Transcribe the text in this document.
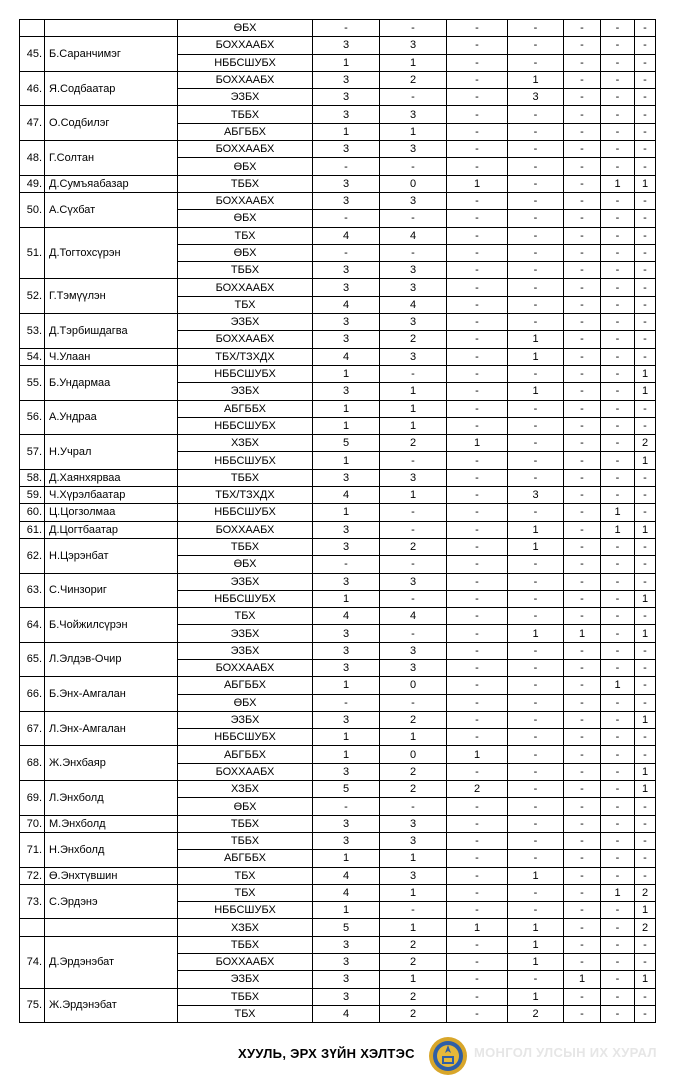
		ӨБХ	-	-	-	-	-	-	-
45.	Б.Саранчимэг	БОХХААБХ	3	3	-	-	-	-	-
		НББСШУБХ	1	1	-	-	-	-	-
46.	Я.Содбаатар	БОХХААБХ	3	2	-	1	-	-	-
		ЭЗБХ	3	-	-	3	-	-	-
47.	О.Содбилэг	ТББХ	3	3	-	-	-	-	-
		АБГББХ	1	1	-	-	-	-	-
48.	Г.Солтан	БОХХААБХ	3	3	-	-	-	-	-
		ӨБХ	-	-	-	-	-	-	-
49.	Д.Сумъяабазар	ТББХ	3	0	1	-	-	1	1
50.	А.Сүхбат	БОХХААБХ	3	3	-	-	-	-	-
		ӨБХ	-	-	-	-	-	-	-
51.	Д.Тогтохсүрэн	ТБХ	4	4	-	-	-	-	-
		ӨБХ	-	-	-	-	-	-	-
		ТББХ	3	3	-	-	-	-	-
52.	Г.Тэмүүлэн	БОХХААБХ	3	3	-	-	-	-	-
		ТБХ	4	4	-	-	-	-	-
53.	Д.Тэрбишдагва	ЭЗБХ	3	3	-	-	-	-	-
		БОХХААБХ	3	2	-	1	-	-	-
54.	Ч.Улаан	ТБХ/ТЗХДХ	4	3	-	1	-	-	-
55.	Б.Ундармаа	НББСШУБХ	1	-	-	-	-	-	1
		ЭЗБХ	3	1	-	1	-	-	1
56.	А.Ундраа	АБГББХ	1	1	-	-	-	-	-
		НББСШУБХ	1	1	-	-	-	-	-
57.	Н.Учрал	ХЗБХ	5	2	1	-	-	-	2
		НББСШУБХ	1	-	-	-	-	-	1
58.	Д.Хаянхярваа	ТББХ	3	3	-	-	-	-	-
59.	Ч.Хүрэлбаатар	ТБХ/ТЗХДХ	4	1	-	3	-	-	-
60.	Ц.Цогзолмаа	НББСШУБХ	1	-	-	-	-	1	-
61.	Д.Цогтбаатар	БОХХААБХ	3	-	-	1	-	1	1
62.	Н.Цэрэнбат	ТББХ	3	2	-	1	-	-	-
		ӨБХ	-	-	-	-	-	-	-
63.	С.Чинзориг	ЭЗБХ	3	3	-	-	-	-	-
		НББСШУБХ	1	-	-	-	-	-	1
64.	Б.Чойжилсүрэн	ТБХ	4	4	-	-	-	-	-
		ЭЗБХ	3	-	-	1	1	-	1
65.	Л.Элдэв-Очир	ЭЗБХ	3	3	-	-	-	-	-
		БОХХААБХ	3	3	-	-	-	-	-
66.	Б.Энх-Амгалан	АБГББХ	1	0	-	-	-	1	-
		ӨБХ	-	-	-	-	-	-	-
67.	Л.Энх-Амгалан	ЭЗБХ	3	2	-	-	-	-	1
		НББСШУБХ	1	1	-	-	-	-	-
68.	Ж.Энхбаяр	АБГББХ	1	0	1	-	-	-	-
		БОХХААБХ	3	2	-	-	-	-	1
69.	Л.Энхболд	ХЗБХ	5	2	2	-	-	-	1
		ӨБХ	-	-	-	-	-	-	-
70.	М.Энхболд	ТББХ	3	3	-	-	-	-	-
71.	Н.Энхболд	ТББХ	3	3	-	-	-	-	-
		АБГББХ	1	1	-	-	-	-	-
72.	Ө.Энхтүвшин	ТБХ	4	3	-	1	-	-	-
73.	С.Эрдэнэ	ТБХ	4	1	-	-	-	1	2
		НББСШУБХ	1	-	-	-	-	-	1
		ХЗБХ	5	1	1	1	-	-	2
74.	Д.Эрдэнэбат	ТББХ	3	2	-	1	-	-	-
		БОХХААБХ	3	2	-	1	-	-	-
		ЭЗБХ	3	1	-	-	1	-	1
75.	Ж.Эрдэнэбат	ТББХ	3	2	-	1	-	-	-
		ТБХ	4	2	-	2	-	-	-
ХУУЛЬ, ЭРХ ЗҮЙН ХЭЛТЭС	МОНГОЛ УЛСЫН ИХ ХУРАЛ
